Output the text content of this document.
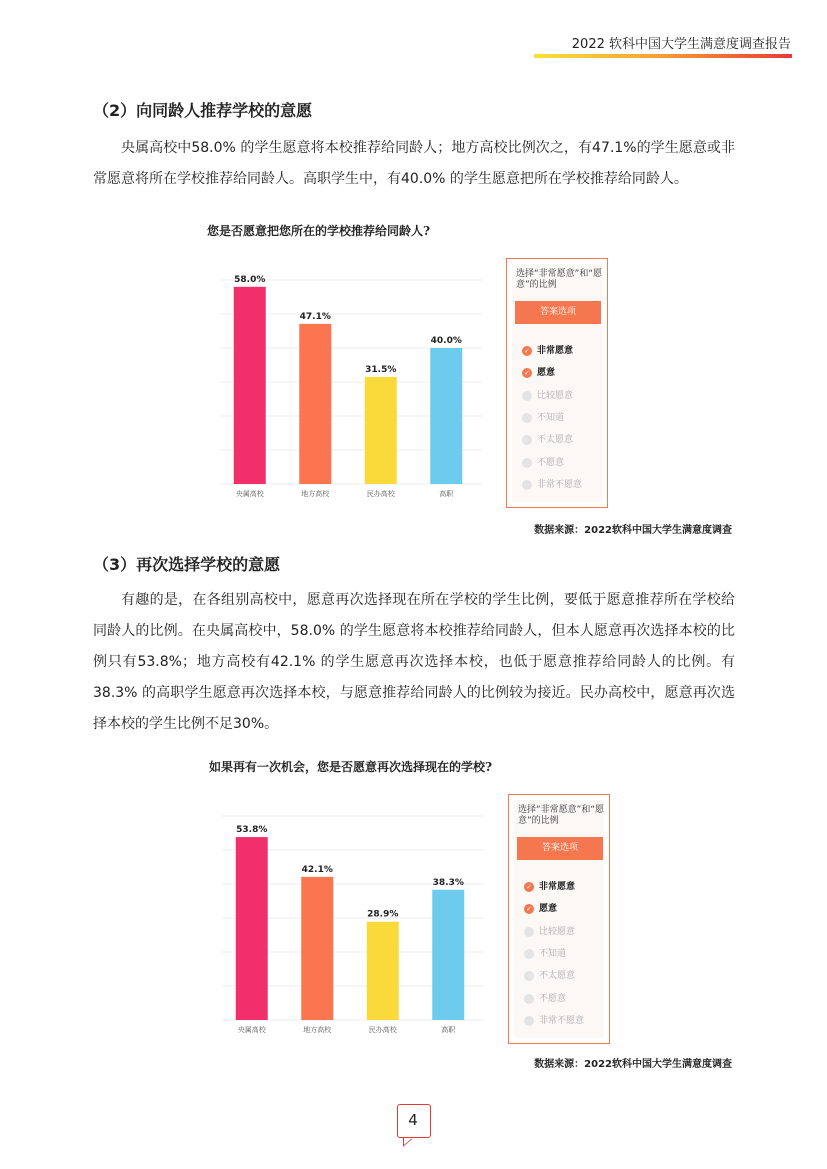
2022 软科中国大学生满意度调查报告
（2）向同龄人推荐学校的意愿

央属高校中58.0% 的学生愿意将本校推荐给同龄人；地方高校比例次之，有47.1%的学生愿意或非常愿意将所在学校推荐给同龄人。高职学生中，有40.0% 的学生愿意把所在学校推荐给同龄人。

您是否愿意把您所在的学校推荐给同龄人?
58.0%
央属高校
47.1%
地方高校
31.5%
民办高校
40.0%
高职
选择“非常愿意”和“愿意”的比例
答案选项
✓ 非常愿意
✓ 愿意
比较愿意
不知道
不太愿意
不愿意
非常不愿意
数据来源：2022软科中国大学生满意度调查
（3）再次选择学校的意愿

有趣的是，在各组别高校中，愿意再次选择现在所在学校的学生比例，要低于愿意推荐所在学校给同龄人的比例。在央属高校中，58.0% 的学生愿意将本校推荐给同龄人，但本人愿意再次选择本校的比例只有53.8%；地方高校有42.1% 的学生愿意再次选择本校，也低于愿意推荐给同龄人的比例。有38.3% 的高职学生愿意再次选择本校，与愿意推荐给同龄人的比例较为接近。民办高校中，愿意再次选择本校的学生比例不足30%。

如果再有一次机会，您是否愿意再次选择现在的学校?
53.8%
央属高校
42.1%
地方高校
28.9%
民办高校
38.3%
高职
选择“非常愿意”和“愿意”的比例
答案选项
✓ 非常愿意
✓ 愿意
比较愿意
不知道
不太愿意
不愿意
非常不愿意
数据来源：2022软科中国大学生满意度调查
4
